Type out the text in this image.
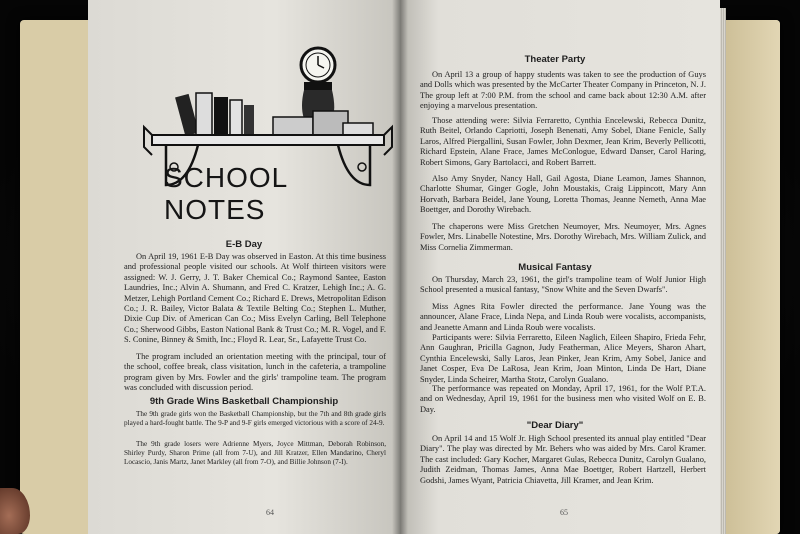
SCHOOL NOTES
E-B Day
On April 19, 1961 E-B Day was observed in Easton. At this time business and professional people visited our schools. At Wolf thirteen visitors were assigned: W. J. Gerry, J. T. Baker Chemical Co.; Raymond Santee, Easton Laundries, Inc.; Alvin A. Shumann, and Fred C. Kratzer, Lehigh Inc.; A. G. Metzer, Lehigh Portland Cement Co.; Richard E. Drews, Metropolitan Edison Co.; J. R. Bailey, Victor Balata & Textile Belting Co.; Stephen L. Muther, Dixie Cup Div. of American Can Co.; Miss Evelyn Carling, Bell Telephone Co.; Sherwood Gibbs, Easton National Bank & Trust Co.; M. R. Vogel, and F. S. Conine, Binney & Smith, Inc.; Floyd R. Lear, Sr., Lafayette Trust Co.
The program included an orientation meeting with the principal, tour of the school, coffee break, class visitation, lunch in the cafeteria, a trampoline program given by Mrs. Fowler and the girls' trampoline team. The program was concluded with discussion period.
9th Grade Wins Basketball Championship
The 9th grade girls won the Basketball Championship, but the 7th and 8th grade girls played a hard-fought battle. The 9-P and 9-F girls emerged victorious with a score of 24-9.
The 9th grade losers were Adrienne Myers, Joyce Mittman, Deborah Robinson, Shirley Purdy, Sharon Prime (all from 7-U), and Jill Kratzer, Ellen Mandarino, Cheryl Locascio, Janis Martz, Janet Markley (all from 7-O), and Billie Johnson (7-I).
64
Theater Party
On April 13 a group of happy students was taken to see the production of Guys and Dolls which was presented by the McCarter Theater Company in Princeton, N. J. The group left at 7:00 P.M. from the school and came back about 12:30 A.M. after enjoying a marvelous presentation.
Those attending were: Silvia Ferraretto, Cynthia Encelewski, Rebecca Dunitz, Ruth Beitel, Orlando Capriotti, Joseph Benenati, Amy Sobel, Diane Fenicle, Sally Laros, Alfred Piergallini, Susan Fowler, John Dexmer, Jean Krim, Beverly Pellicotti, Richard Epstein, Alane Frace, James McConlogue, Edward Danser, Carol Haring, Robert Simons, Gary Bartolacci, and Robert Barrett.
Also Amy Snyder, Nancy Hall, Gail Agosta, Diane Leamon, James Shannon, Charlotte Shumar, Ginger Gogle, John Moustakis, Craig Lippincott, Mary Ann Horvath, Barbara Beidel, Jane Young, Loretta Thomas, Jeanne Nemeth, Anna Mae Boettger, and Dorothy Wirebach.
The chaperons were Miss Gretchen Neumoyer, Mrs. Neumoyer, Mrs. Agnes Fowler, Mrs. Linabelle Notestine, Mrs. Dorothy Wirebach, Mrs. William Zulick, and Miss Cornelia Zimmerman.
Musical Fantasy
On Thursday, March 23, 1961, the girl's trampoline team of Wolf Junior High School presented a musical fantasy, "Snow White and the Seven Dwarfs".
Miss Agnes Rita Fowler directed the performance. Jane Young was the announcer, Alane Frace, Linda Nepa, and Linda Roub were vocalists, accompanists, and Jeanette Amann and Linda Roub were vocalists.
Participants were: Silvia Ferraretto, Eileen Naglich, Eileen Shapiro, Frieda Fehr, Ann Gaughran, Pricilla Gagnon, Judy Featherman, Alice Meyers, Sharon Ahart, Cynthia Encelewski, Sally Laros, Jean Pinker, Jean Krim, Amy Sobel, Janice and Janet Cosper, Eva De LaRosa, Jean Krim, Joan Minton, Linda De Hart, Diane Snyder, Linda Scheirer, Martha Stotz, Carolyn Gualano.
The performance was repeated on Monday, April 17, 1961, for the Wolf P.T.A. and on Wednesday, April 19, 1961 for the business men who visited Wolf on E. B. Day.
"Dear Diary"
On April 14 and 15 Wolf Jr. High School presented its annual play entitled "Dear Diary". The play was directed by Mr. Behers who was aided by Mrs. Carol Kramer. The cast included: Gary Kocher, Margaret Gulas, Rebecca Dunitz, Carolyn Gualano, Judith Zeidman, Thomas James, Anna Mae Boettger, Robert Hartzell, Herbert Godshi, James Wyant, Patricia Chiavetta, Jill Kramer, and Jean Krim.
65
